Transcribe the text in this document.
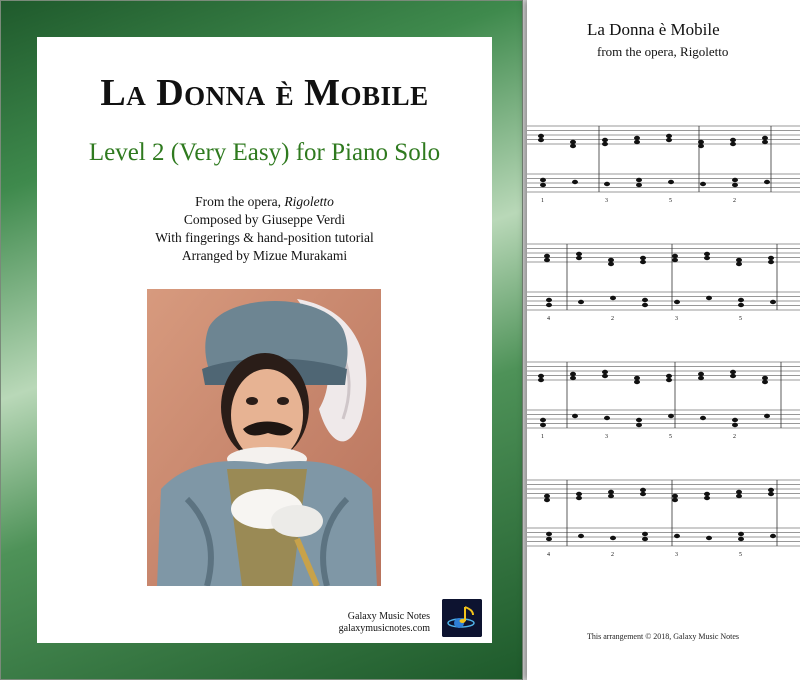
La Donna è Mobile
Level 2 (Very Easy) for Piano Solo
From the opera, Rigoletto
Composed by Giuseppe Verdi
With fingerings & hand-position tutorial
Arranged by Mizue Murakami
Galaxy Music Notes
galaxymusicnotes.com
1	3	5	2
4	2	3	5
1	3	5	2
4	2	3	5
La Donna è Mobile
from the opera, Rigoletto
This arrangement © 2018, Galaxy Music Notes
